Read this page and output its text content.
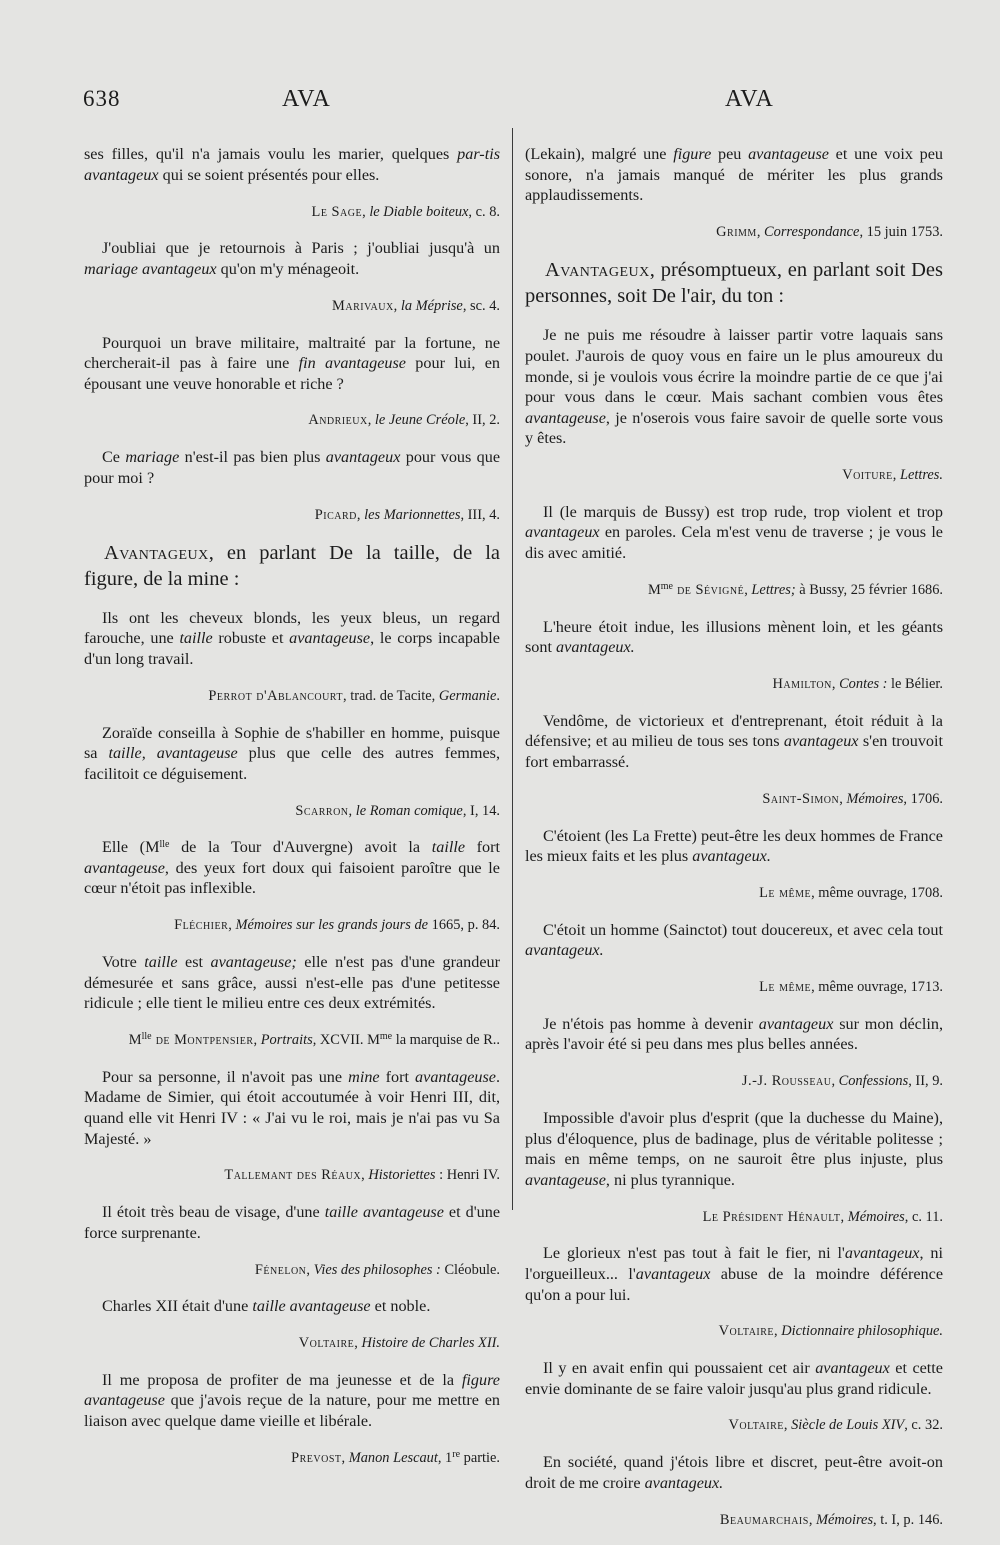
638	AVA	AVA

ses filles, qu'il n'a jamais voulu les marier, quelques par-tis avantageux qui se soient présentés pour elles.

Le Sage, le Diable boiteux, c. 8.

J'oubliai que je retournois à Paris ; j'oubliai jusqu'à un mariage avantageux qu'on m'y ménageoit.

Marivaux, la Méprise, sc. 4.

Pourquoi un brave militaire, maltraité par la fortune, ne chercherait-il pas à faire une fin avantageuse pour lui, en épousant une veuve honorable et riche ?

Andrieux, le Jeune Créole, II, 2.

Ce mariage n'est-il pas bien plus avantageux pour vous que pour moi ?

Picard, les Marionnettes, III, 4.

Avantageux, en parlant De la taille, de la figure, de la mine :

Ils ont les cheveux blonds, les yeux bleus, un regard farouche, une taille robuste et avantageuse, le corps incapable d'un long travail.

Perrot d'Ablancourt, trad. de Tacite, Germanie.

Zoraïde conseilla à Sophie de s'habiller en homme, puisque sa taille, avantageuse plus que celle des autres femmes, facilitoit ce déguisement.

Scarron, le Roman comique, I, 14.

Elle ($M^{lle}$ de la Tour d'Auvergne) avoit la taille fort avantageuse, des yeux fort doux qui faisoient paroître que le cœur n'étoit pas inflexible.

Fléchier, Mémoires sur les grands jours de 1665, p. 84.

Votre taille est avantageuse; elle n'est pas d'une grandeur démesurée et sans grâce, aussi n'est-elle pas d'une petitesse ridicule ; elle tient le milieu entre ces deux extrémités.

$M^{lle}$ de Montpensier, Portraits, XCVII. $M^{me}$ la marquise de R..

Pour sa personne, il n'avoit pas une mine fort avantageuse. Madame de Simier, qui étoit accoutumée à voir Henri III, dit, quand elle vit Henri IV : « J'ai vu le roi, mais je n'ai pas vu Sa Majesté. »

Tallemant des Réaux, Historiettes : Henri IV.

Il étoit très beau de visage, d'une taille avantageuse et d'une force surprenante.

Fénelon, Vies des philosophes : Cléobule.

Charles XII était d'une taille avantageuse et noble.

Voltaire, Histoire de Charles XII.

Il me proposa de profiter de ma jeunesse et de la figure avantageuse que j'avois reçue de la nature, pour me mettre en liaison avec quelque dame vieille et libérale.

Prevost, Manon Lescaut, 1re partie.

(Lekain), malgré une figure peu avantageuse et une voix peu sonore, n'a jamais manqué de mériter les plus grands applaudissements.

Grimm, Correspondance, 15 juin 1753.

Avantageux, présomptueux, en parlant soit Des personnes, soit De l'air, du ton :

Je ne puis me résoudre à laisser partir votre laquais sans poulet. J'aurois de quoy vous en faire un le plus amoureux du monde, si je voulois vous écrire la moindre partie de ce que j'ai pour vous dans le cœur. Mais sachant combien vous êtes avantageuse, je n'oserois vous faire savoir de quelle sorte vous y êtes.

Voiture, Lettres.

Il (le marquis de Bussy) est trop rude, trop violent et trop avantageux en paroles. Cela m'est venu de traverse ; je vous le dis avec amitié.

$M^{me}$ de Sévigné, Lettres; à Bussy, 25 février 1686.

L'heure étoit indue, les illusions mènent loin, et les géants sont avantageux.

Hamilton, Contes : le Bélier.

Vendôme, de victorieux et d'entreprenant, étoit réduit à la défensive; et au milieu de tous ses tons avantageux s'en trouvoit fort embarrassé.

Saint-Simon, Mémoires, 1706.

C'étoient (les La Frette) peut-être les deux hommes de France les mieux faits et les plus avantageux.

Le même, même ouvrage, 1708.

C'étoit un homme (Sainctot) tout doucereux, et avec cela tout avantageux.

Le même, même ouvrage, 1713.

Je n'étois pas homme à devenir avantageux sur mon déclin, après l'avoir été si peu dans mes plus belles années.

J.-J. Rousseau, Confessions, II, 9.

Impossible d'avoir plus d'esprit (que la duchesse du Maine), plus d'éloquence, plus de badinage, plus de véritable politesse ; mais en même temps, on ne sauroit être plus injuste, plus avantageuse, ni plus tyrannique.

Le Président Hénault, Mémoires, c. 11.

Le glorieux n'est pas tout à fait le fier, ni l'avantageux, ni l'orgueilleux... l'avantageux abuse de la moindre déférence qu'on a pour lui.

Voltaire, Dictionnaire philosophique.

Il y en avait enfin qui poussaient cet air avantageux et cette envie dominante de se faire valoir jusqu'au plus grand ridicule.

Voltaire, Siècle de Louis XIV, c. 32.

En société, quand j'étois libre et discret, peut-être avoit-on droit de me croire avantageux.

Beaumarchais, Mémoires, t. I, p. 146.
